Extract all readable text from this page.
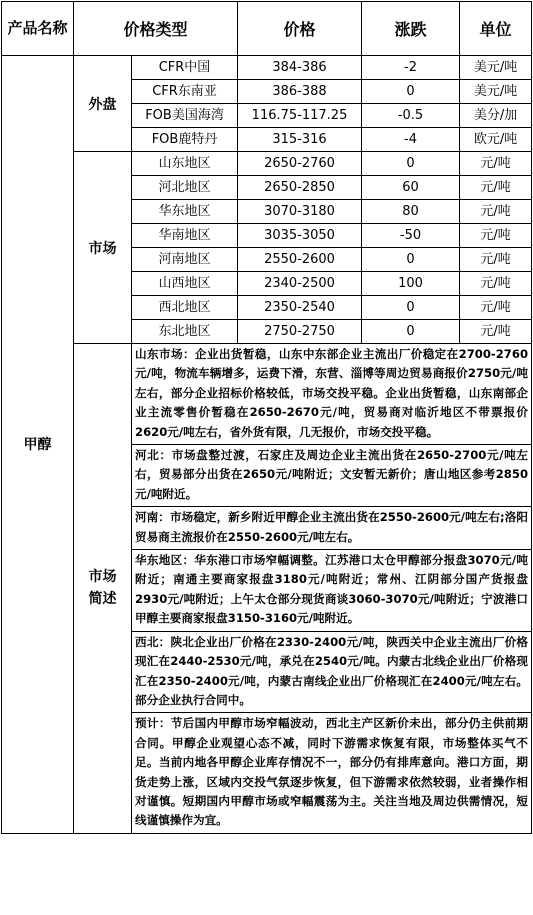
产品名称	价格类型		价格	涨跌	单位
甲醇	外盘	CFR中国	384-386	-2	美元/吨
		CFR东南亚	386-388	0	美元/吨
		FOB美国海湾	116.75-117.25	-0.5	美分/加
		FOB鹿特丹	315-316	-4	欧元/吨
	市场	山东地区	2650-2760	0	元/吨
		河北地区	2650-2850	60	元/吨
		华东地区	3070-3180	80	元/吨
		华南地区	3035-3050	-50	元/吨
		河南地区	2550-2600	0	元/吨
		山西地区	2340-2500	100	元/吨
		西北地区	2350-2540	0	元/吨
		东北地区	2750-2750	0	元/吨

	市场简述	山东市场：企业出货暂稳，山东中东部企业主流出厂价稳定在2700-2760元/吨，物流车辆增多，运费下滑，东营、淄博等周边贸易商报价2750元/吨左右，部分企业招标价格较低，市场交投平稳。企业出货暂稳，山东南部企业主流零售价暂稳在2650-2670元/吨，贸易商对临沂地区不带票报价2620元/吨左右，省外货有限，几无报价，市场交投平稳。			
		河北：市场盘整过渡，石家庄及周边企业主流出货在2650-2700元/吨左右，贸易部分出货在2650元/吨附近；文安暂无新价；唐山地区参考2850元/吨附近。			
		河南：市场稳定，新乡附近甲醇企业主流出货在2550-2600元/吨左右;洛阳贸易商主流报价在2550-2600元/吨左右。			
		华东地区：华东港口市场窄幅调整。江苏港口太仓甲醇部分报盘3070元/吨附近；南通主要商家报盘3180元/吨附近；常州、江阴部分国产货报盘2930元/吨附近；上午太仓部分现货商谈3060-3070元/吨附近；宁波港口甲醇主要商家报盘3150-3160元/吨附近。			
		西北：陕北企业出厂价格在2330-2400元/吨，陕西关中企业主流出厂价格现汇在2440-2530元/吨，承兑在2540元/吨。内蒙古北线企业出厂价格现汇在2350-2400元/吨，内蒙古南线企业出厂价格现汇在2400元/吨左右。部分企业执行合同中。			
		预计：节后国内甲醇市场窄幅波动，西北主产区新价未出，部分仍主供前期合同。甲醇企业观望心态不减，同时下游需求恢复有限，市场整体买气不足。当前内地各甲醇企业库存情况不一，部分仍有排库意向。港口方面，期货走势上涨，区域内交投气氛逐步恢复，但下游需求依然较弱，业者操作相对谨慎。短期国内甲醇市场或窄幅震荡为主。关注当地及周边供需情况，短线谨慎操作为宜。			
